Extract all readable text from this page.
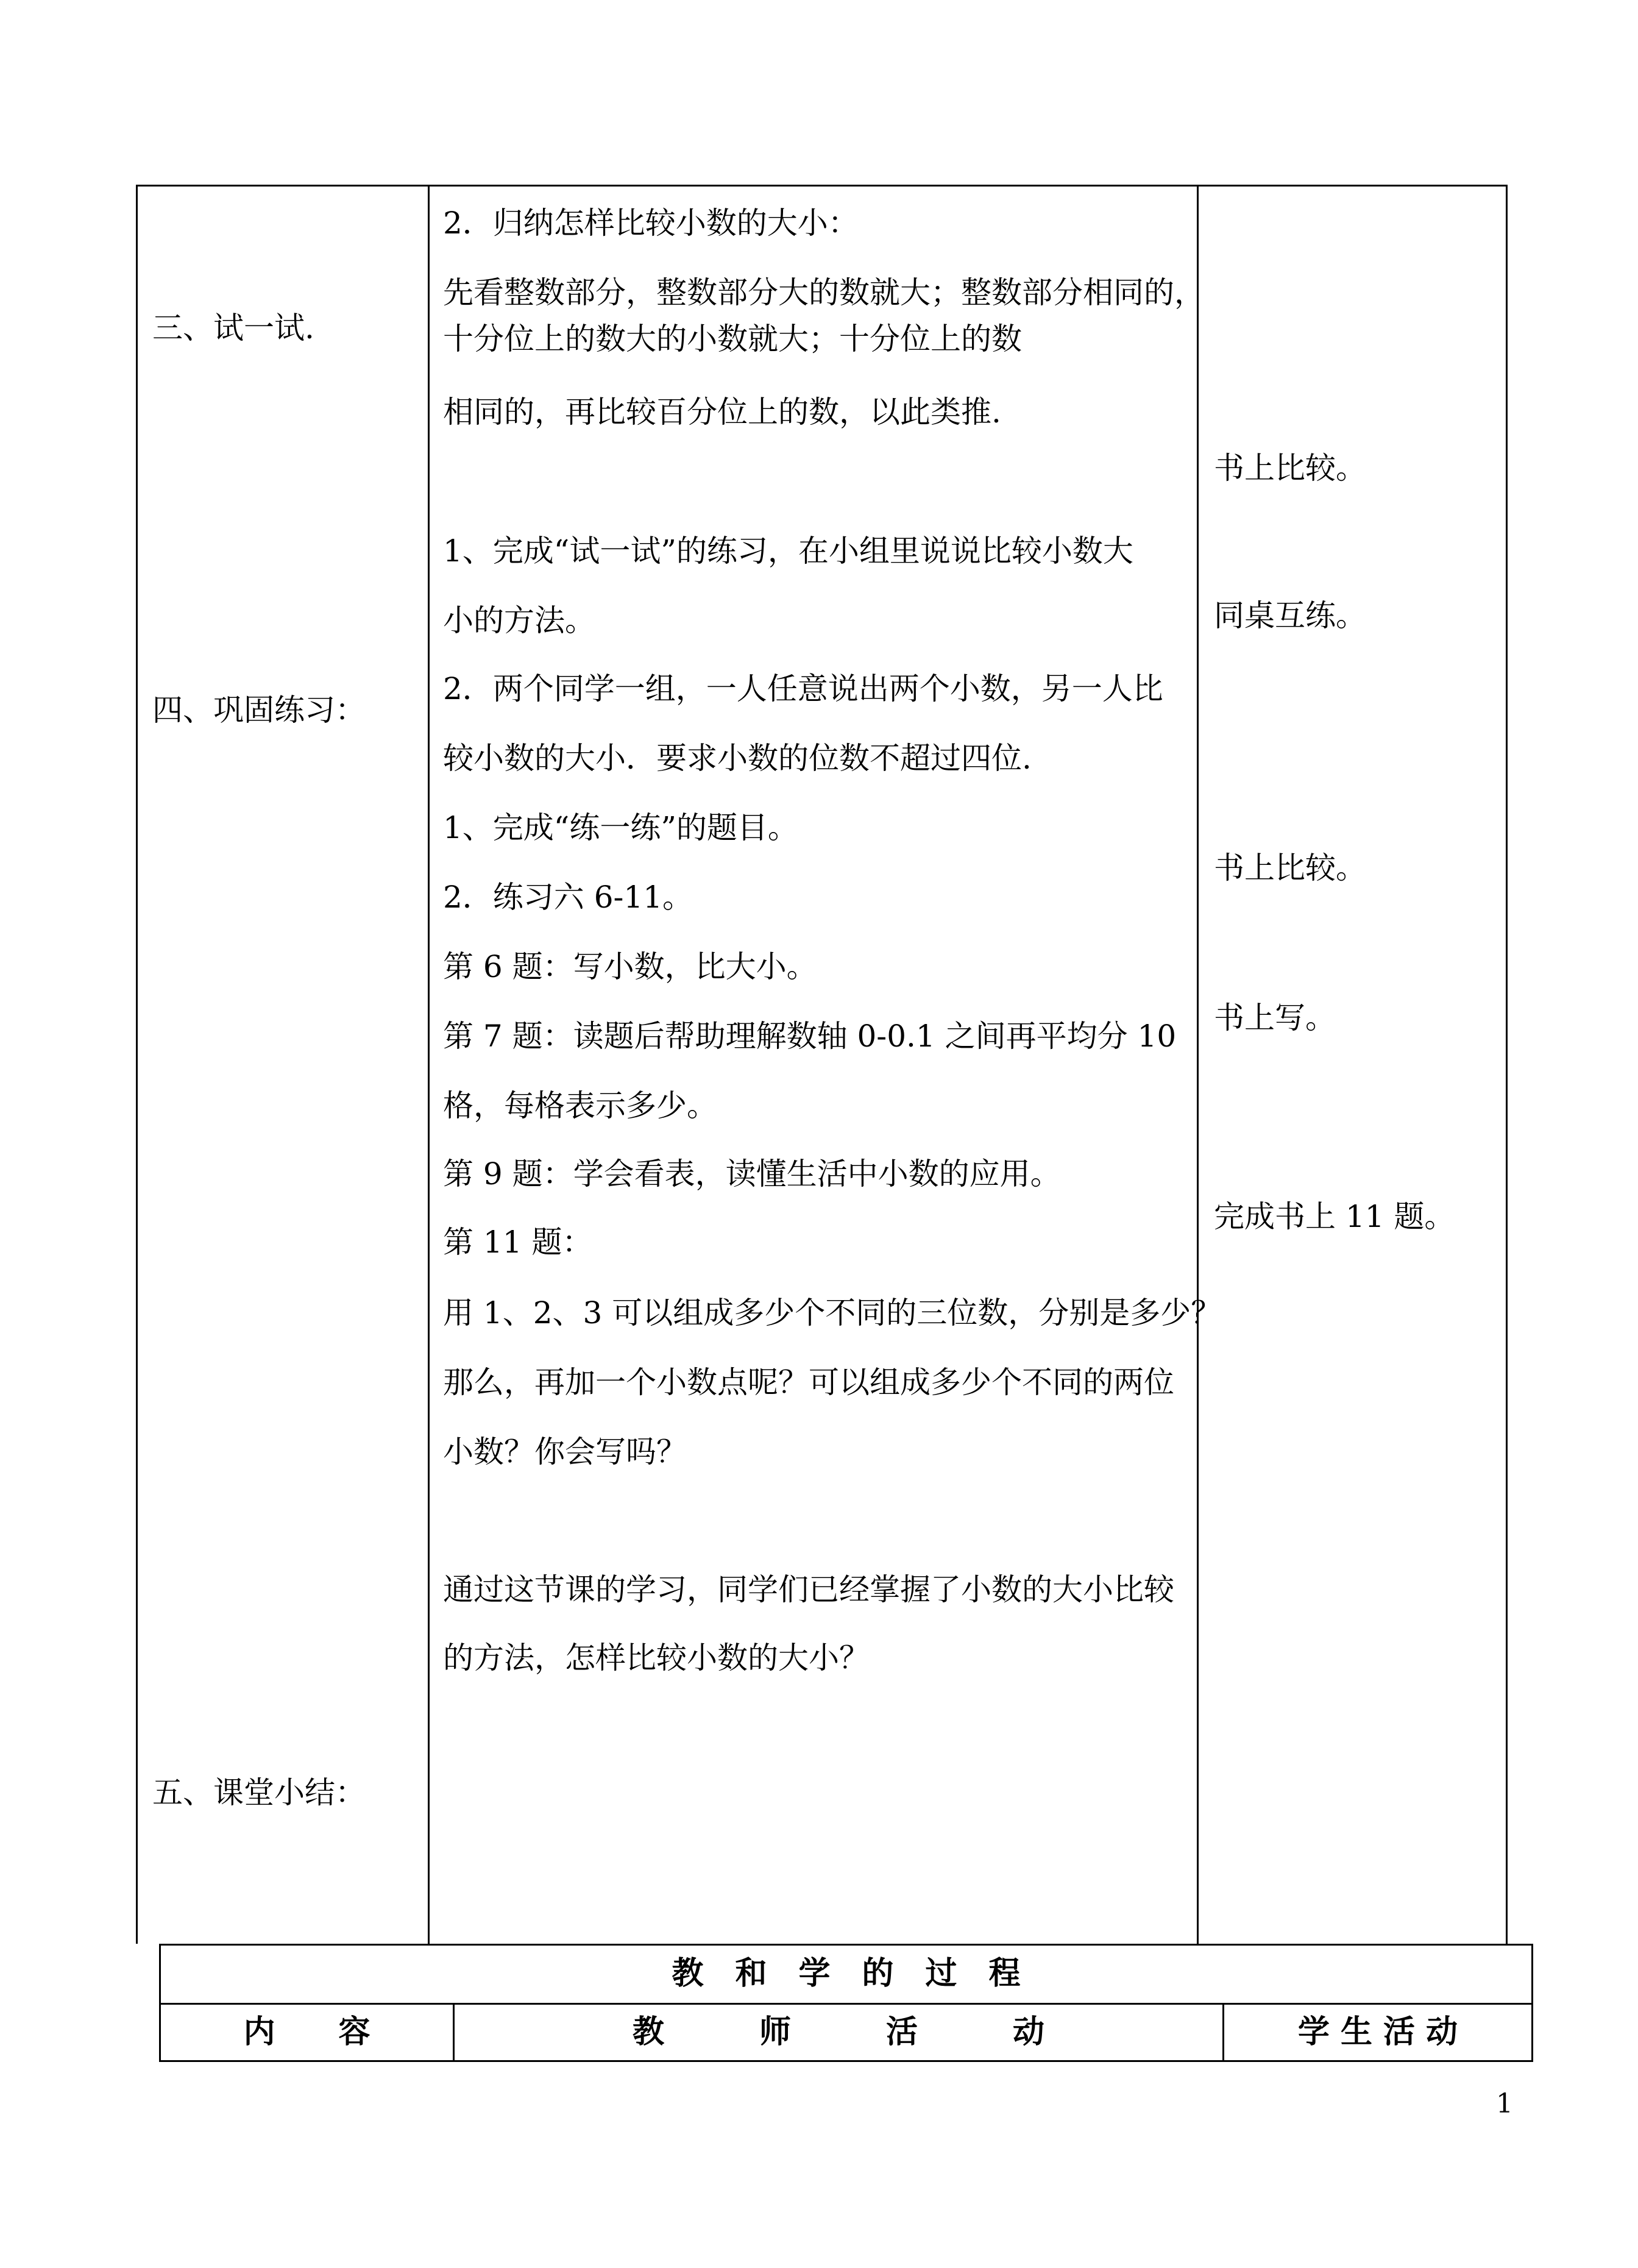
三、试一试.
四、巩固练习：
五、课堂小结：
2．归纳怎样比较小数的大小：
先看整数部分，整数部分大的数就大；整数部分相同的，
十分位上的数大的小数就大；十分位上的数
相同的，再比较百分位上的数，以此类推.
1、完成“试一试”的练习，在小组里说说比较小数大
小的方法。
2．两个同学一组，一人任意说出两个小数，另一人比
较小数的大小．要求小数的位数不超过四位.
1、完成“练一练”的题目。
2．练习六 6-11。
第 6 题：写小数，比大小。
第 7 题：读题后帮助理解数轴 0-0.1 之间再平均分 10
格，每格表示多少。
第 9 题：学会看表，读懂生活中小数的应用。
第 11 题：
用 1、2、3 可以组成多少个不同的三位数，分别是多少？
那么，再加一个小数点呢？可以组成多少个不同的两位
小数？你会写吗？
通过这节课的学习，同学们已经掌握了小数的大小比较
的方法，怎样比较小数的大小？
书上比较。
同桌互练。
书上比较。
书上写。
完成书上 11 题。
教　和　学　的　过　程
内　　容	教　　　师　　　活　　　动	学 生 活 动
1
